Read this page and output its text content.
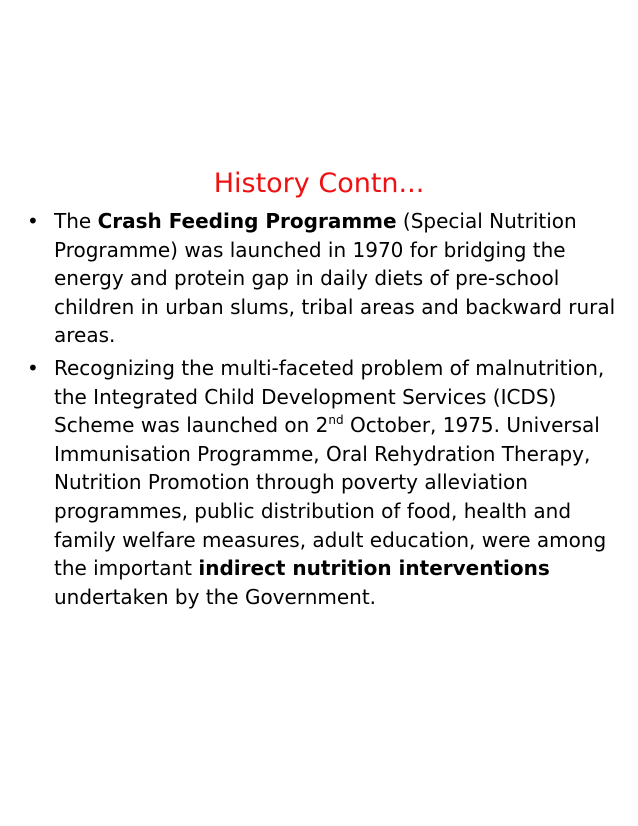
History Contn...
• The Crash Feeding Programme (Special Nutrition Programme) was launched in 1970 for bridging the energy and protein gap in daily diets of pre-school children in urban slums, tribal areas and backward rural areas.
• Recognizing the multi-faceted problem of malnutrition, the Integrated Child Development Services (ICDS) Scheme was launched on 2nd October, 1975. Universal Immunisation Programme, Oral Rehydration Therapy, Nutrition Promotion through poverty alleviation programmes, public distribution of food, health and family welfare measures, adult education, were among the important indirect nutrition interventions undertaken by the Government.
